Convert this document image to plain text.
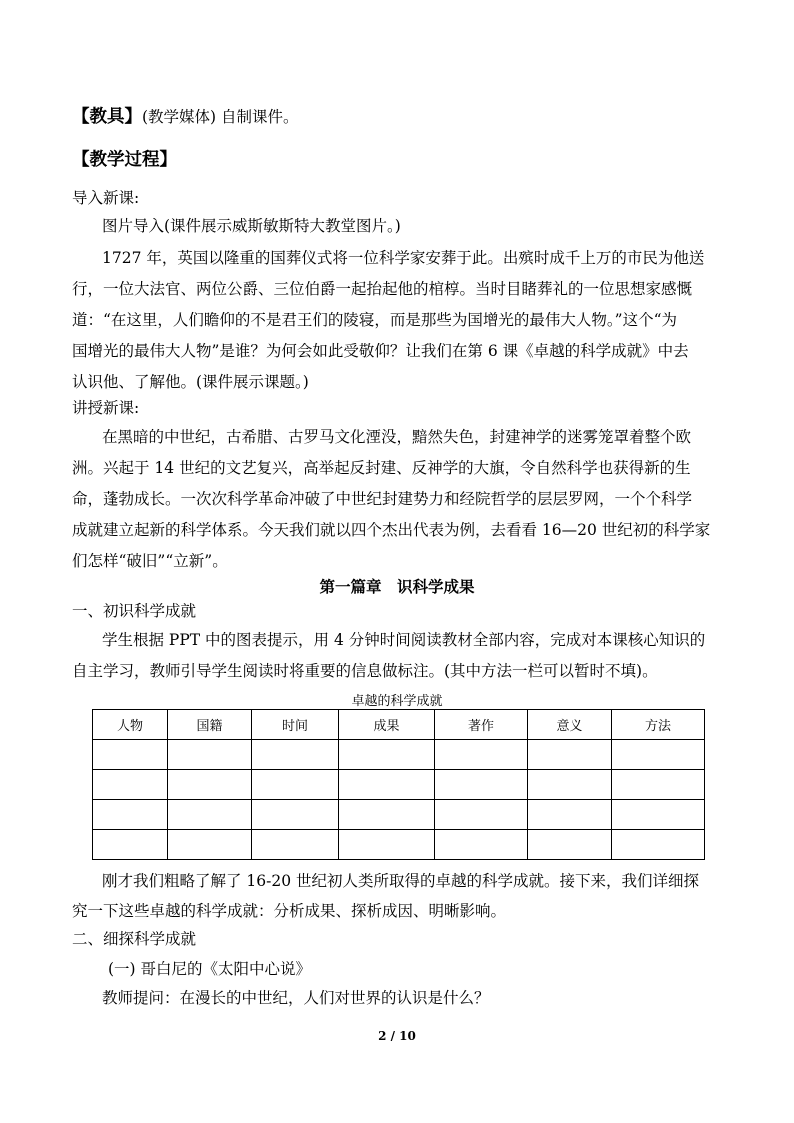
【教具】(教学媒体) 自制课件。
【教学过程】
导入新课:
图片导入(课件展示威斯敏斯特大教堂图片。)
1727 年，英国以隆重的国葬仪式将一位科学家安葬于此。出殡时成千上万的市民为他送
行，一位大法官、两位公爵、三位伯爵一起抬起他的棺椁。当时目睹葬礼的一位思想家感慨
道：“在这里，人们瞻仰的不是君王们的陵寝，而是那些为国增光的最伟大人物。”这个“为
国增光的最伟大人物”是谁？为何会如此受敬仰？让我们在第 6 课《卓越的科学成就》中去
认识他、了解他。(课件展示课题。)
讲授新课:
在黑暗的中世纪，古希腊、古罗马文化湮没，黯然失色，封建神学的迷雾笼罩着整个欧
洲。兴起于 14 世纪的文艺复兴，高举起反封建、反神学的大旗，令自然科学也获得新的生
命，蓬勃成长。一次次科学革命冲破了中世纪封建势力和经院哲学的层层罗网，一个个科学
成就建立起新的科学体系。今天我们就以四个杰出代表为例，去看看 16—20 世纪初的科学家
们怎样“破旧”“立新”。
第一篇章　识科学成果
一、初识科学成就
学生根据 PPT 中的图表提示，用 4 分钟时间阅读教材全部内容，完成对本课核心知识的
自主学习，教师引导学生阅读时将重要的信息做标注。(其中方法一栏可以暂时不填)。
卓越的科学成就
人物	国籍	时间	成果	著作	意义	方法

刚才我们粗略了解了 16-20 世纪初人类所取得的卓越的科学成就。接下来，我们详细探
究一下这些卓越的科学成就：分析成果、探析成因、明晰影响。
二、细探科学成就
(一) 哥白尼的《太阳中心说》
教师提问：在漫长的中世纪，人们对世界的认识是什么？
2 / 10
